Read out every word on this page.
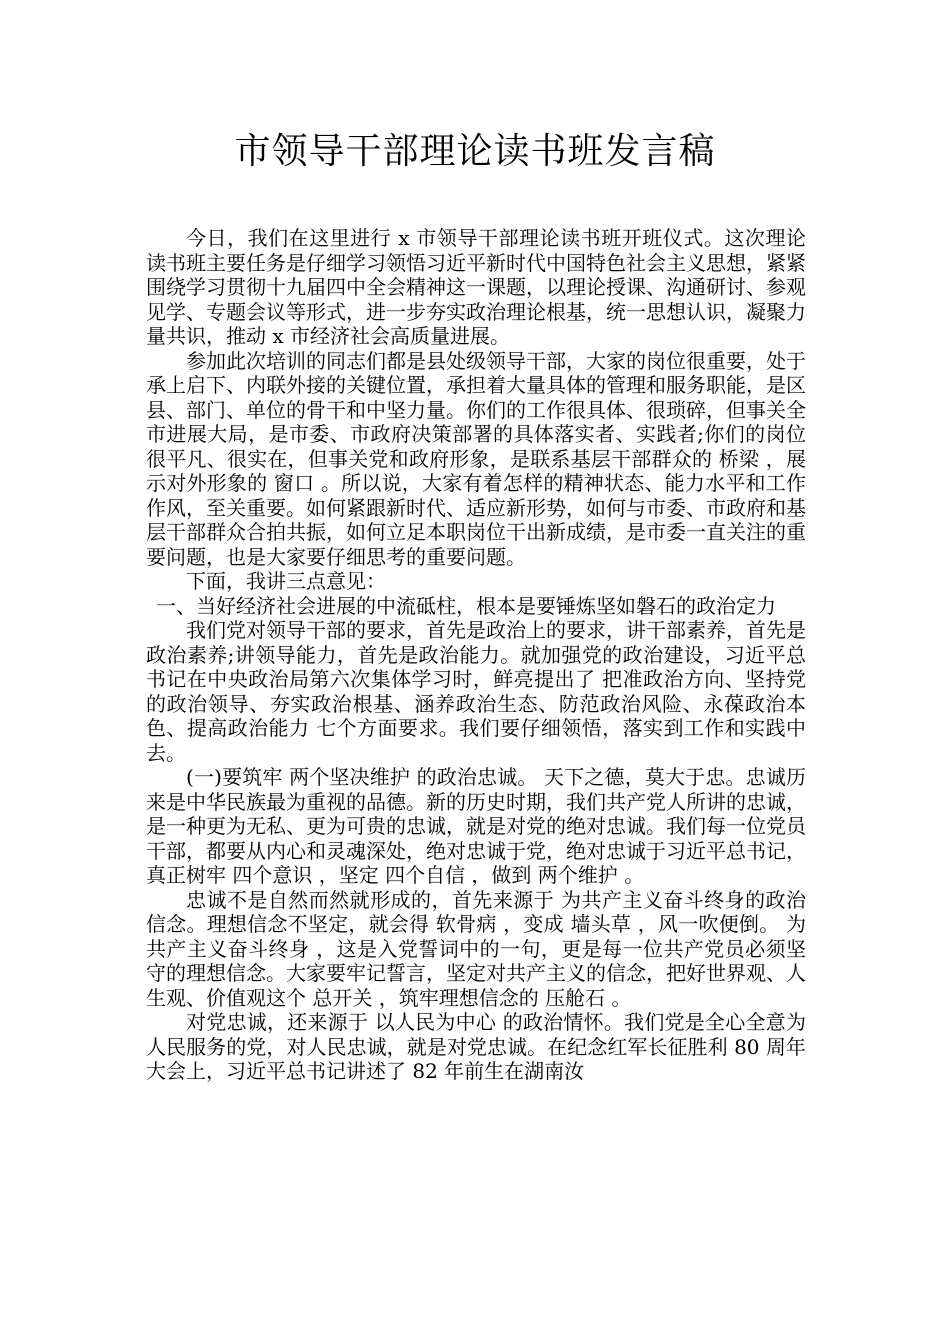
市领导干部理论读书班发言稿

今日，我们在这里进行 x 市领导干部理论读书班开班仪式。这次理论读书班主要任务是仔细学习领悟习近平新时代中国特色社会主义思想，紧紧围绕学习贯彻十九届四中全会精神这一课题，以理论授课、沟通研讨、参观见学、专题会议等形式，进一步夯实政治理论根基，统一思想认识，凝聚力量共识，推动 x 市经济社会高质量进展。

参加此次培训的同志们都是县处级领导干部，大家的岗位很重要，处于承上启下、内联外接的关键位置，承担着大量具体的管理和服务职能，是区县、部门、单位的骨干和中坚力量。你们的工作很具体、很琐碎，但事关全市进展大局，是市委、市政府决策部署的具体落实者、实践者;你们的岗位很平凡、很实在，但事关党和政府形象，是联系基层干部群众的 桥梁 ，展示对外形象的 窗口 。所以说，大家有着怎样的精神状态、能力水平和工作作风，至关重要。如何紧跟新时代、适应新形势，如何与市委、市政府和基层干部群众合拍共振，如何立足本职岗位干出新成绩，是市委一直关注的重要问题，也是大家要仔细思考的重要问题。

下面，我讲三点意见：

一、当好经济社会进展的中流砥柱，根本是要锤炼坚如磐石的政治定力

我们党对领导干部的要求，首先是政治上的要求，讲干部素养，首先是政治素养;讲领导能力，首先是政治能力。就加强党的政治建设，习近平总书记在中央政治局第六次集体学习时，鲜亮提出了 把准政治方向、坚持党的政治领导、夯实政治根基、涵养政治生态、防范政治风险、永葆政治本色、提高政治能力 七个方面要求。我们要仔细领悟，落实到工作和实践中去。

(一)要筑牢 两个坚决维护 的政治忠诚。 天下之德，莫大于忠。忠诚历来是中华民族最为重视的品德。新的历史时期，我们共产党人所讲的忠诚，是一种更为无私、更为可贵的忠诚，就是对党的绝对忠诚。我们每一位党员干部，都要从内心和灵魂深处，绝对忠诚于党，绝对忠诚于习近平总书记，真正树牢 四个意识 ，坚定 四个自信 ，做到 两个维护 。

忠诚不是自然而然就形成的，首先来源于 为共产主义奋斗终身的政治信念。理想信念不坚定，就会得 软骨病 ，变成 墙头草 ，风一吹便倒。 为共产主义奋斗终身 ，这是入党誓词中的一句，更是每一位共产党员必须坚守的理想信念。大家要牢记誓言，坚定对共产主义的信念，把好世界观、人生观、价值观这个 总开关 ，筑牢理想信念的 压舱石 。

对党忠诚，还来源于 以人民为中心 的政治情怀。我们党是全心全意为人民服务的党，对人民忠诚，就是对党忠诚。在纪念红军长征胜利 80 周年大会上，习近平总书记讲述了 82 年前生在湖南汝
